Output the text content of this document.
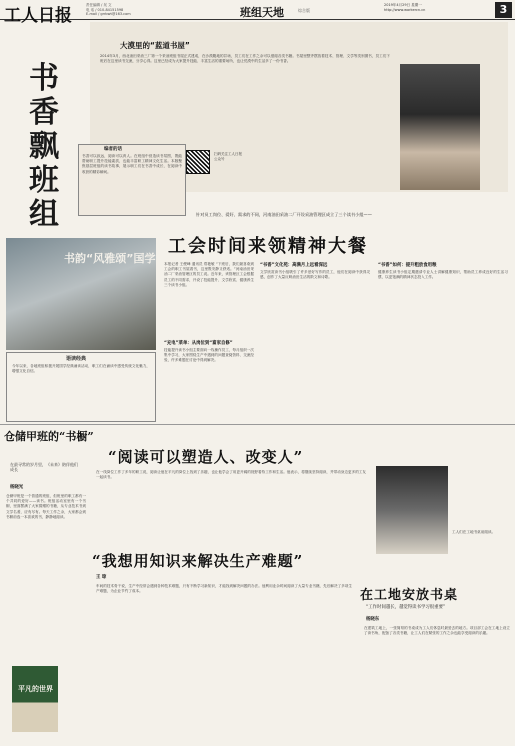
工人日报
责任编辑 / 吴 文
电 话 / 010-84151598
E-mail / grrbwt@163.com	班组天地	综合版
2019年4月29日 星期一
http://www.workercn.cn	3
书
香
飘
班
组
大漠里的“蓝道书屋”
2014年3月，西北油田采油三厂第一个采油班组书屋正式建成，在沙漠腹地的井场，员工们在工作之余可以借阅各类书籍。书屋里整齐摆放着技术、管理、文学等类别图书，员工们下班后在这里读书交流，分享心得。这里已经成为大家提升技能、丰富生活的重要场所，也让荒漠中的生活多了一份书香。
编者的话
书香可以致远，阅读可以育人。在班组中营造读书氛围，既能帮助职工提升技能素质，也能丰富职工精神文化生活。本版聚焦基层班组的读书故事，展示职工们在书香中成长、在阅读中收获的精彩瞬间。
扫码关注工人日报公众号
针对员工岗位、爱好、需求的不同，河南油田采油二厂开设采油管理区成立了三个读书小组——
工会时间来领精神大餐
书韵“风雅颂”国学 本报记者 王俊峰 通讯员 郑艳敏 “下班后，我们最喜欢到工会的职工书屋看书，这里既安静又舒适。”河南油田采油二厂采油管理区的员工说。近年来，该管理区工会根据员工的不同需求，开设了技能提升、文学欣赏、健康养生三个读书小组。
“充电”菜单：从岗位到“富家自修”
技能提升读书小组主要面向一线操作员工，每月组织一次集中学习，大家围绕生产中遇到的问题查阅资料、交流经验，许多难题在讨论中得到解决。
“书香”文化苑：高满月上远看深远
文学欣赏读书小组吸引了许多爱好写作的员工，他们在阅读中获得灵感，创作了大量反映油田生活的散文和诗歌。
“书香”如何：提升粗放食用粮
健康养生读书小组定期邀请专业人士讲解健康知识，帮助员工养成良好的生活习惯，以更饱满的精神状态投入工作。
语读经典
今年以来，各地班组积极开展国学经典诵读活动，职工们在诵读中感受传统文化魅力，增强文化自信。
仓储甲班的“书橱”
在最寻常的岁月里，《未来》陪伴他们成长
杨晓光
仓储甲班是一个普通的班组，但班里的职工都有一个共同的爱好——读书。班组活动室里有一个书橱，里面摆满了大家捐赠的书籍，从专业技术书到文学名著，应有尽有。每天工作之余，大家都会到书橱前选一本喜欢的书，静静地阅读。
平凡的世界
“阅读可以塑造人、改变人”
在一线岗位工作了多年的职工说，阅读让他在平凡的岗位上找到了乐趣，也让他学会了用更开阔的视野看待工作和生活。他表示，将继续坚持阅读，并带动身边更多的工友一起读书。
“我想用知识来解决生产难题”
王 琼
车间的技术骨干说，生产中经常会遇到各种技术难题，只有不断学习新知识，才能找到解决问题的办法。他利用业余时间阅读了大量专业书籍，先后解决了多项生产难题，为企业节约了成本。
工人们在工地书桌前阅读。
在工地安放书桌
“工作时间越长，越觉得读书学习很重要”
杨晓东
在建筑工地上，一张简易的书桌成为工人们休息时最爱去的地方。项目部工会在工地上设立了读书角，配备了各类书籍，让工人们在紧张的工作之余也能享受阅读的乐趣。
